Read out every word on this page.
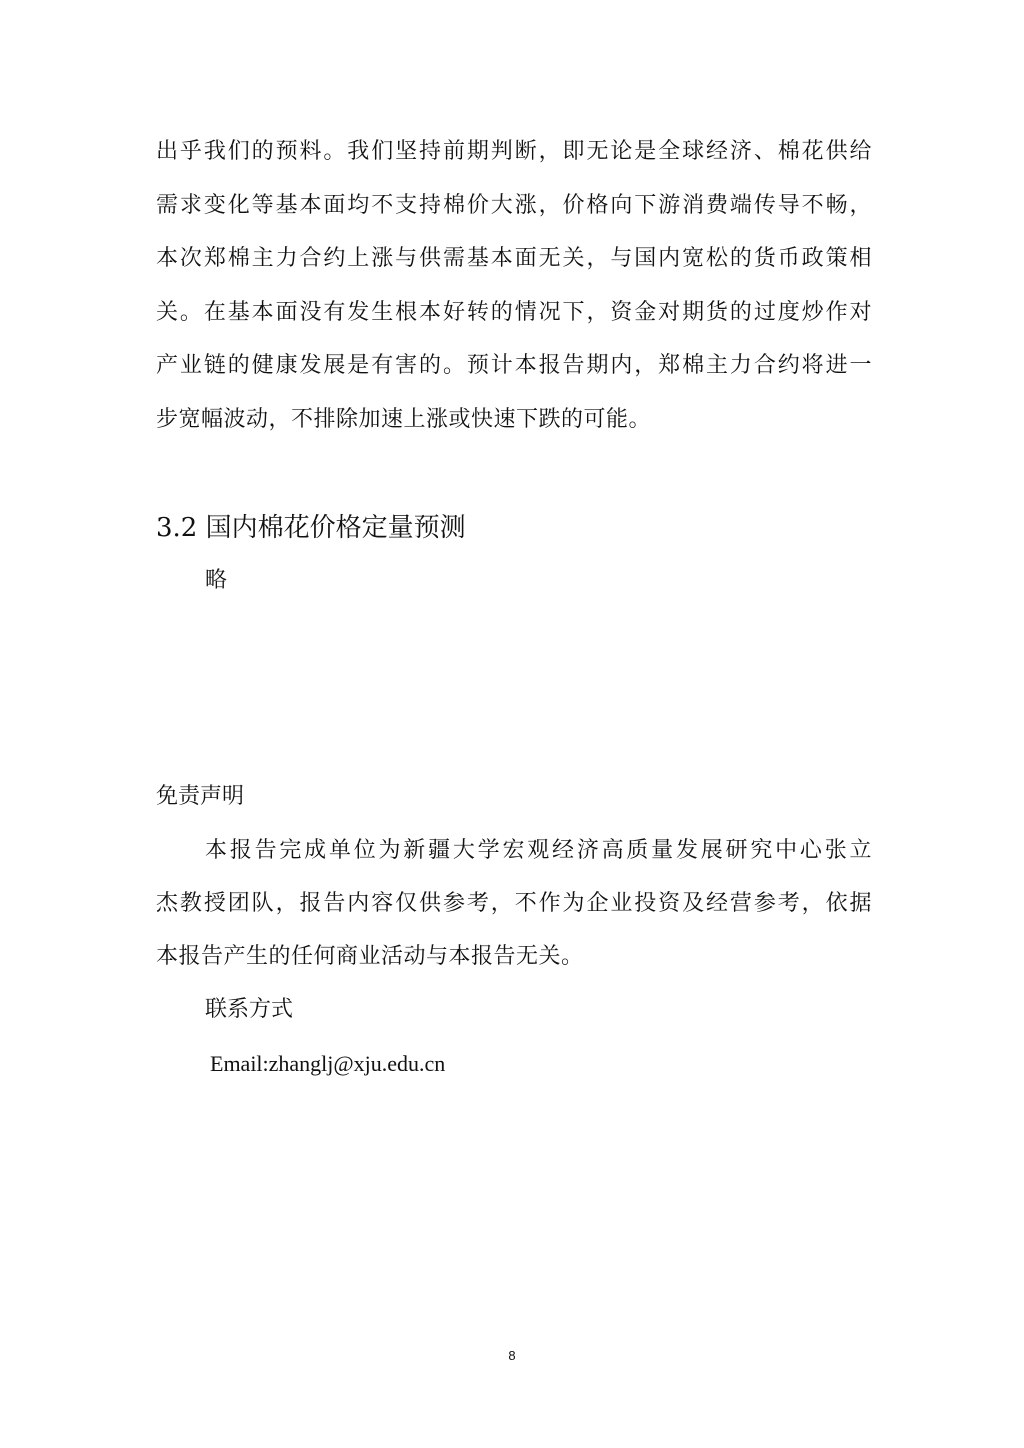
出乎我们的预料。我们坚持前期判断，即无论是全球经济、棉花供给
需求变化等基本面均不支持棉价大涨，价格向下游消费端传导不畅，
本次郑棉主力合约上涨与供需基本面无关，与国内宽松的货币政策相
关。在基本面没有发生根本好转的情况下，资金对期货的过度炒作对
产业链的健康发展是有害的。预计本报告期内，郑棉主力合约将进一
步宽幅波动，不排除加速上涨或快速下跌的可能。
3.2 国内棉花价格定量预测
略
免责声明
本报告完成单位为新疆大学宏观经济高质量发展研究中心张立
杰教授团队，报告内容仅供参考，不作为企业投资及经营参考，依据
本报告产生的任何商业活动与本报告无关。
联系方式
Email:zhanglj@xju.edu.cn
8
